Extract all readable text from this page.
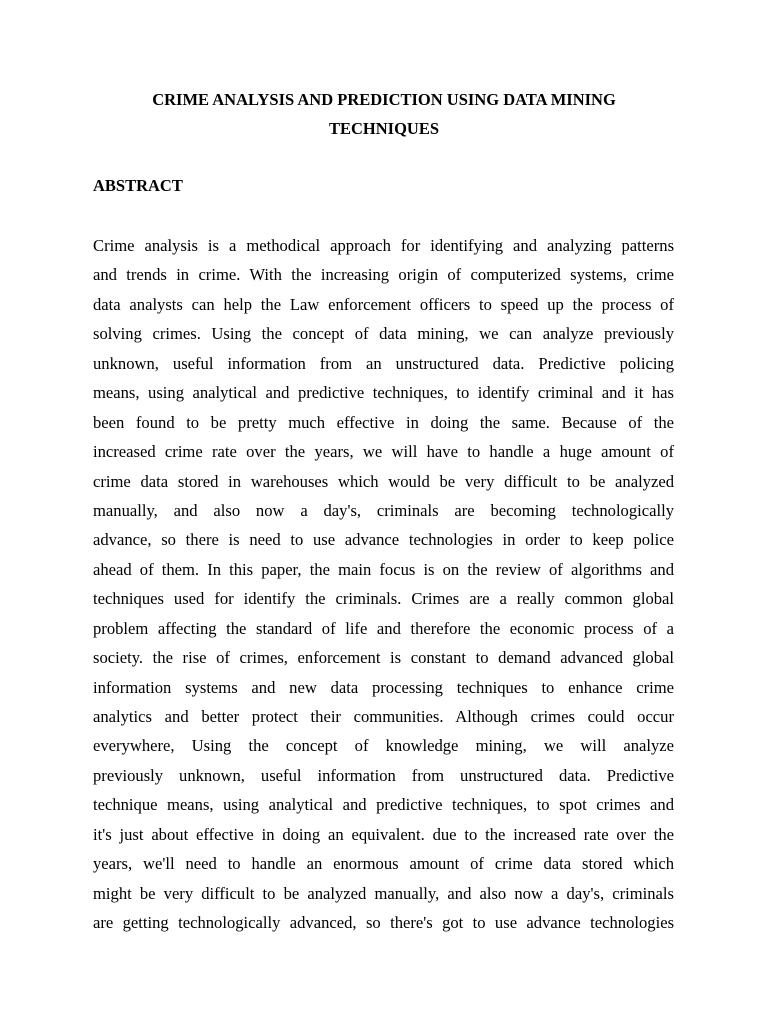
CRIME ANALYSIS AND PREDICTION USING DATA MINING
TECHNIQUES
ABSTRACT
Crime analysis is a methodical approach for identifying and analyzing patterns
and trends in crime. With the increasing origin of computerized systems, crime
data analysts can help the Law enforcement officers to speed up the process of
solving crimes. Using the concept of data mining, we can analyze previously
unknown, useful information from an unstructured data. Predictive policing
means, using analytical and predictive techniques, to identify criminal and it has
been found to be pretty much effective in doing the same. Because of the
increased crime rate over the years, we will have to handle a huge amount of
crime data stored in warehouses which would be very difficult to be analyzed
manually, and also now a day's, criminals are becoming technologically
advance, so there is need to use advance technologies in order to keep police
ahead of them. In this paper, the main focus is on the review of algorithms and
techniques used for identify the criminals. Crimes are a really common global
problem affecting the standard of life and therefore the economic process of a
society. the rise of crimes, enforcement is constant to demand advanced global
information systems and new data processing techniques to enhance crime
analytics and better protect their communities. Although crimes could occur
everywhere, Using the concept of knowledge mining, we will analyze
previously unknown, useful information from unstructured data. Predictive
technique means, using analytical and predictive techniques, to spot crimes and
it's just about effective in doing an equivalent. due to the increased rate over the
years, we'll need to handle an enormous amount of crime data stored which
might be very difficult to be analyzed manually, and also now a day's, criminals
are getting technologically advanced, so there's got to use advance technologies
